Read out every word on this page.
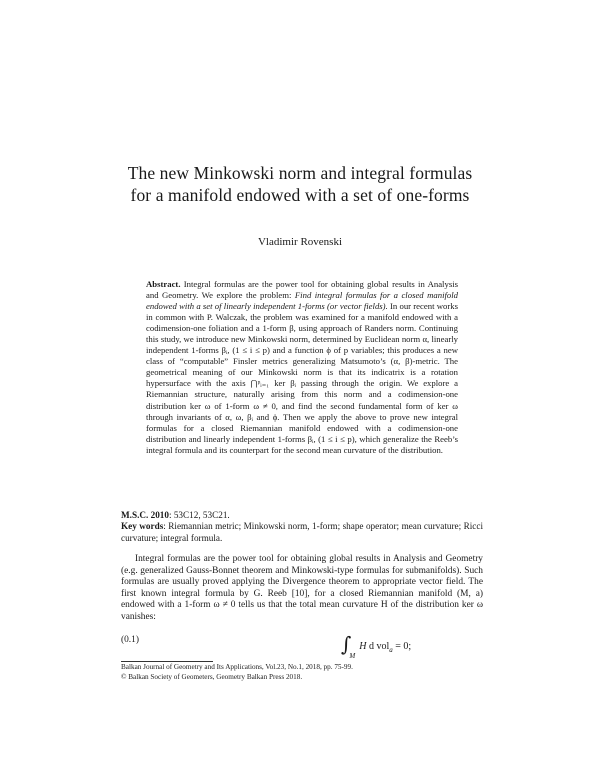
The new Minkowski norm and integral formulas
for a manifold endowed with a set of one-forms
Vladimir Rovenski
Abstract. Integral formulas are the power tool for obtaining global results in Analysis and Geometry. We explore the problem: Find integral formulas for a closed manifold endowed with a set of linearly independent 1-forms (or vector fields). In our recent works in common with P. Walczak, the problem was examined for a manifold endowed with a codimension-one foliation and a 1-form β, using approach of Randers norm. Continuing this study, we introduce new Minkowski norm, determined by Euclidean norm α, linearly independent 1-forms βᵢ, (1 ≤ i ≤ p) and a function ϕ of p variables; this produces a new class of “computable” Finsler metrics generalizing Matsumoto’s (α, β)-metric. The geometrical meaning of our Minkowski norm is that its indicatrix is a rotation hypersurface with the axis ⋂ᵖᵢ₌₁ ker βᵢ passing through the origin. We explore a Riemannian structure, naturally arising from this norm and a codimension-one distribution ker ω of 1-form ω ≠ 0, and find the second fundamental form of ker ω through invariants of α, ω, βᵢ and ϕ. Then we apply the above to prove new integral formulas for a closed Riemannian manifold endowed with a codimension-one distribution and linearly independent 1-forms βᵢ, (1 ≤ i ≤ p), which generalize the Reeb’s integral formula and its counterpart for the second mean curvature of the distribution.
M.S.C. 2010: 53C12, 53C21.
Key words: Riemannian metric; Minkowski norm, 1-form; shape operator; mean curvature; Ricci curvature; integral formula.
Integral formulas are the power tool for obtaining global results in Analysis and Geometry (e.g. generalized Gauss-Bonnet theorem and Minkowski-type formulas for submanifolds). Such formulas are usually proved applying the Divergence theorem to appropriate vector field. The first known integral formula by G. Reeb [10], for a closed Riemannian manifold (M, a) endowed with a 1-form ω ≠ 0 tells us that the total mean curvature H of the distribution ker ω vanishes:
(0.1)	$\int_MH$ d vol$_a$ = 0;
Balkan Journal of Geometry and Its Applications, Vol.23, No.1, 2018, pp. 75-99.
© Balkan Society of Geometers, Geometry Balkan Press 2018.
